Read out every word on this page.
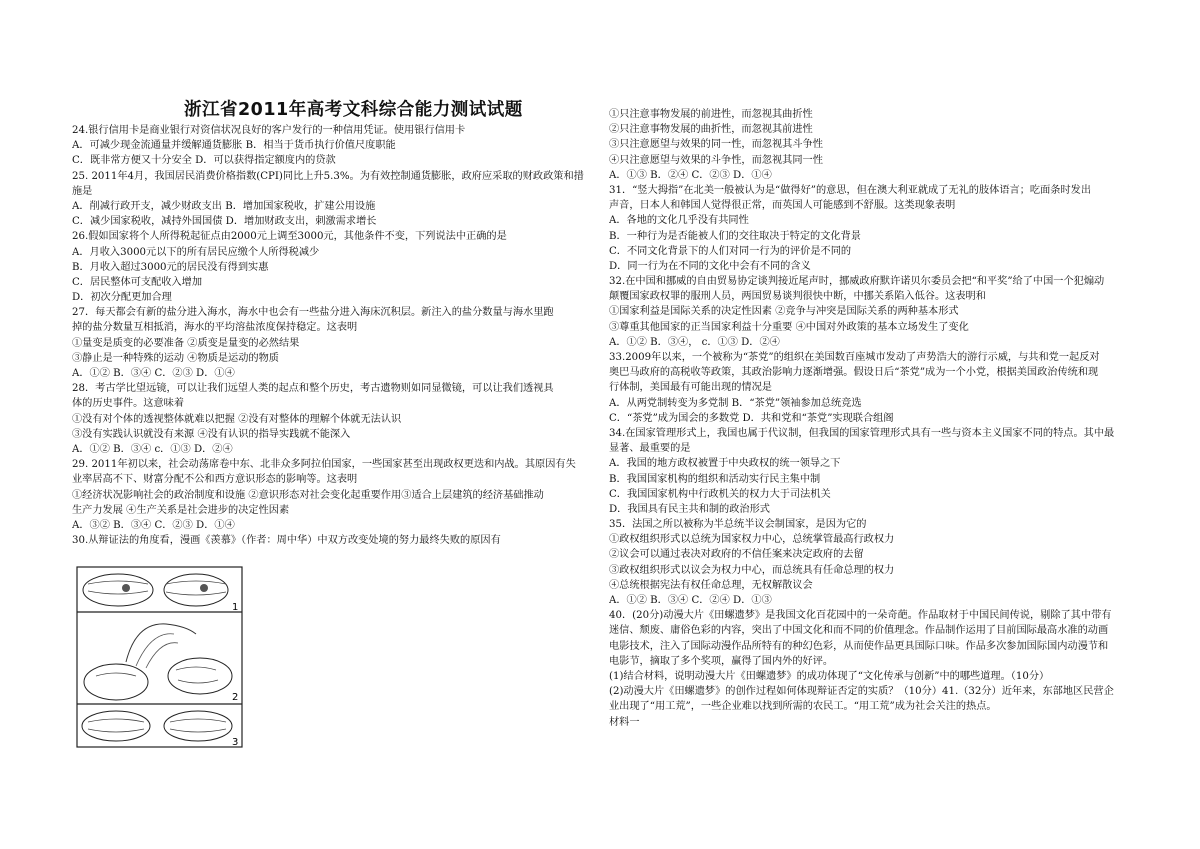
浙江省2011年高考文科综合能力测试试题
24.银行信用卡是商业银行对资信状况良好的客户发行的一种信用凭证。使用银行信用卡
A．可减少现金流通量并缓解通货膨胀 B．相当于货币执行价值尺度职能
C．既非常方便又十分安全 D．可以获得指定额度内的贷款
25. 2011年4月，我国居民消费价格指数(CPI)同比上升5.3%。为有效控制通货膨胀，政府应采取的财政政策和措
施是
A．削减行政开支，减少财政支出 B．增加国家税收，扩建公用设施
C．减少国家税收，减持外国国债 D．增加财政支出，刺激需求增长
26.假如国家将个人所得税起征点由2000元上调至3000元，其他条件不变，下列说法中正确的是
A．月收入3000元以下的所有居民应缴个人所得税减少
B．月收入超过3000元的居民没有得到实惠
C．居民整体可支配收入增加
D．初次分配更加合理
27．每天都会有新的盐分进入海水，海水中也会有一些盐分进入海床沉积层。新注入的盐分数量与海水里跑
掉的盐分数量互相抵消，海水的平均溶盐浓度保持稳定。这表明
①量变是质变的必要准备 ②质变是量变的必然结果
③静止是一种特殊的运动 ④物质是运动的物质
A．①② B．③④ C．②③ D．①④
28．考古学比望远镜，可以让我们远望人类的起点和整个历史，考古遗物则如同显微镜，可以让我们透视具
体的历史事件。这意味着
①没有对个体的透视整体就难以把握 ②没有对整体的理解个体就无法认识
③没有实践认识就没有来源 ④没有认识的指导实践就不能深入
A．①② B．③④ c．①③ D．②④
29. 2011年初以来，社会动荡席卷中东、北非众多阿拉伯国家，一些国家甚至出现政权更迭和内战。其原因有失
业率居高不下、财富分配不公和西方意识形态的影响等。这表明
①经济状况影响社会的政治制度和设施 ②意识形态对社会变化起重要作用③适合上层建筑的经济基础推动
生产力发展 ④生产关系是社会进步的决定性因素
A．③② B．③④ C．②③ D．①④
30.从辩证法的角度看，漫画《羡慕》（作者：周中华）中双方改变处境的努力最终失败的原因有
①只注意事物发展的前进性，而忽视其曲折性
②只注意事物发展的曲折性，而忽视其前进性
③只注意愿望与效果的同一性，而忽视其斗争性
④只注意愿望与效果的斗争性，而忽视其同一性
A．①③ B．②④ C．②③ D．①④
31．“竖大拇指”在北美一般被认为是“做得好”的意思，但在澳大利亚就成了无礼的肢体语言；吃面条时发出
声音，日本人和韩国人觉得很正常，而英国人可能感到不舒服。这类现象表明
A．各地的文化几乎没有共同性
B．一种行为是否能被人们的交往取决于特定的文化背景
C．不同文化背景下的人们对同一行为的评价是不同的
D．同一行为在不同的文化中会有不同的含义
32.在中国和挪威的自由贸易协定谈判接近尾声时，挪威政府默许诺贝尔委员会把“和平奖”给了中国一个犯煽动
颠覆国家政权罪的服刑人员，两国贸易谈判很快中断，中挪关系陷入低谷。这表明和
①国家利益是国际关系的决定性因素 ②竞争与冲突是国际关系的两种基本形式
③尊重其他国家的正当国家利益十分重要 ④中国对外政策的基本立场发生了变化
A．①② B．③④， c．①③ D．②④
33.2009年以来，一个被称为“茶党”的组织在美国数百座城市发动了声势浩大的游行示威，与共和党一起反对
奥巴马政府的高税收等政策，其政治影响力逐渐增强。假设日后“茶党”成为一个小党，根据美国政治传统和现
行体制，美国最有可能出现的情况是
A．从两党制转变为多党制 B．“茶党”领袖参加总统竞选
C．“茶党”成为国会的多数党 D．共和党和“茶党”实现联合组阁
34.在国家管理形式上，我国也属于代议制，但我国的国家管理形式具有一些与资本主义国家不同的特点。其中最
显著、最重要的是
A．我国的地方政权被置于中央政权的统一领导之下
B．我国国家机构的组织和活动实行民主集中制
C．我国国家机构中行政机关的权力大于司法机关
D．我国具有民主共和制的政治形式
35．法国之所以被称为半总统半议会制国家，是因为它的
①政权组织形式以总统为国家权力中心，总统掌管最高行政权力
②议会可以通过表决对政府的不信任案来决定政府的去留
③政权组织形式以议会为权力中心，而总统具有任命总理的权力
④总统根据宪法有权任命总理，无权解散议会
A．①② B．③④ C．②④ D．①③
40．(20分)动漫大片《田螺遗梦》是我国文化百花园中的一朵奇葩。作品取材于中国民间传说，剔除了其中带有
迷信、颓废、庸俗色彩的内容，突出了中国文化和而不同的价值理念。作品制作运用了目前国际最高水准的动画
电影技术，注入了国际动漫作品所特有的种幻色彩，从而使作品更具国际口味。作品多次参加国际国内动漫节和
电影节，摘取了多个奖项，赢得了国内外的好评。
(1)结合材料，说明动漫大片《田螺遗梦》的成功体现了“文化传承与创新”中的哪些道理。（10分）
(2)动漫大片《田螺遗梦》的创作过程如何体现辩证否定的实质？（10分）41.（32分）近年来，东部地区民营企
业出现了“用工荒”，一些企业难以找到所需的农民工。“用工荒”成为社会关注的热点。
材料一
1
2
3
